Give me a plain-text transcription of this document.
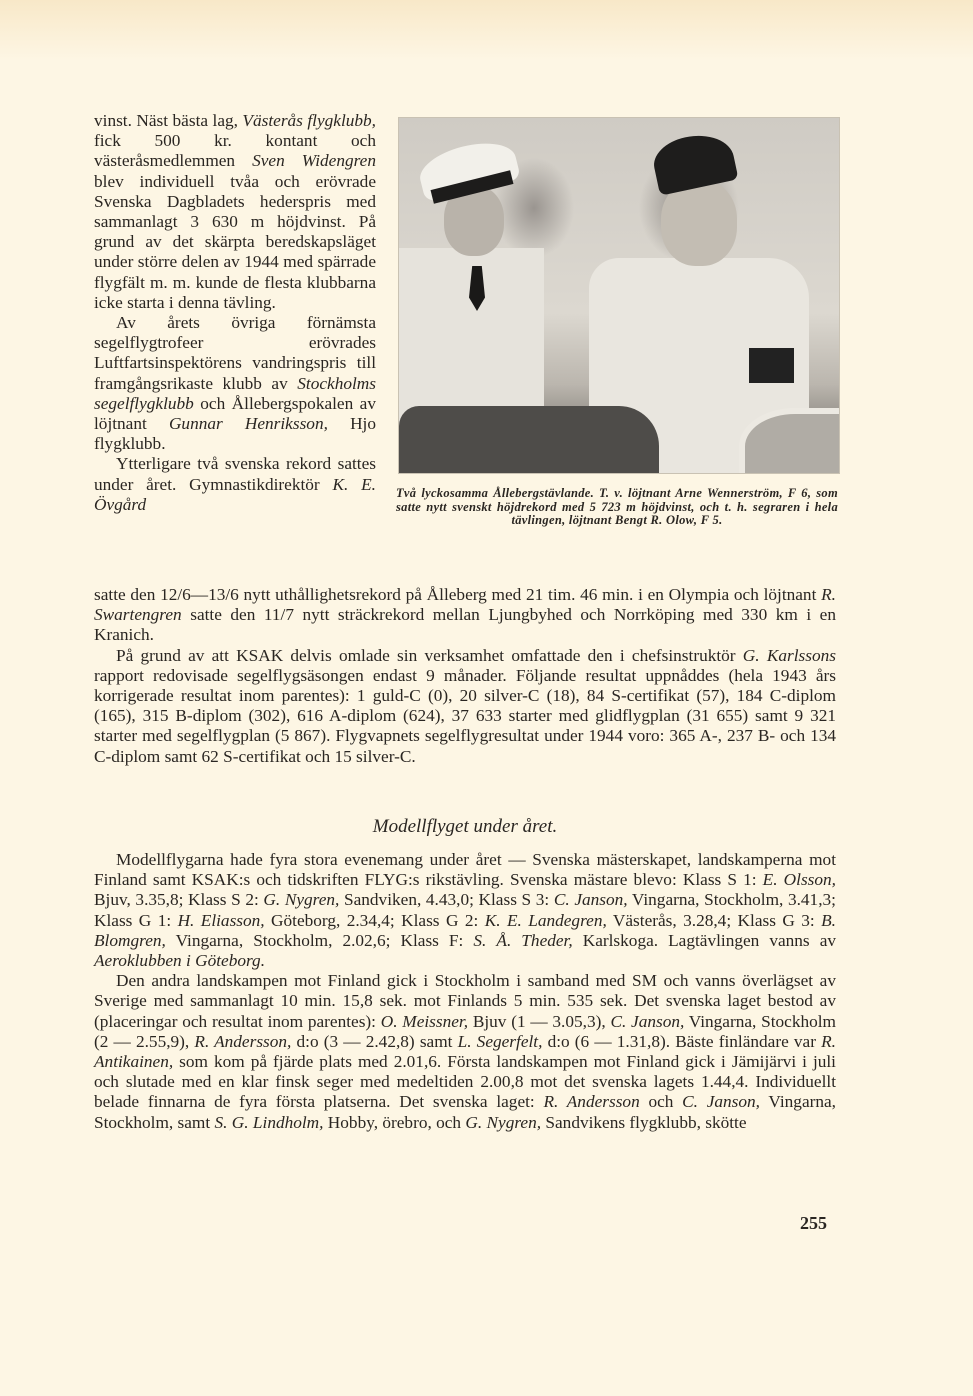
vinst. Näst bästa lag, Västerås flygklubb, fick 500 kr. kontant och västeråsmedlemmen Sven Widengren blev individuell tvåa och erövrade Svenska Dagbladets hederspris med sammanlagt 3 630 m höjdvinst. På grund av det skärpta beredskapsläget under större delen av 1944 med spärrade flygfält m. m. kunde de flesta klubbarna icke starta i denna tävling.

Av årets övriga förnämsta segelflygtrofeer erövrades Luftfartsinspektörens vandringspris till framgångsrikaste klubb av Stockholms segelflygklubb och Ållebergspokalen av löjtnant Gunnar Henriksson, Hjo flygklubb.

Ytterligare två svenska rekord sattes under året. Gymnastikdirektör K. E. Övgård

Två lyckosamma Ållebergstävlande. T. v. löjtnant Arne Wennerström, F 6, som satte nytt svenskt höjdrekord med 5 723 m höjdvinst, och t. h. segraren i hela tävlingen, löjtnant Bengt R. Olow, F 5.

satte den 12/6—13/6 nytt uthållighetsrekord på Ålleberg med 21 tim. 46 min. i en Olympia och löjtnant R. Swartengren satte den 11/7 nytt sträckrekord mellan Ljungbyhed och Norrköping med 330 km i en Kranich.

På grund av att KSAK delvis omlade sin verksamhet omfattade den i chefsinstruktör G. Karlssons rapport redovisade segelflygsäsongen endast 9 månader. Följande resultat uppnåddes (hela 1943 års korrigerade resultat inom parentes): 1 guld-C (0), 20 silver-C (18), 84 S-certifikat (57), 184 C-diplom (165), 315 B-diplom (302), 616 A-diplom (624), 37 633 starter med glidflygplan (31 655) samt 9 321 starter med segelflygplan (5 867). Flygvapnets segelflygresultat under 1944 voro: 365 A-, 237 B- och 134 C-diplom samt 62 S-certifikat och 15 silver-C.

Modellflyget under året.

Modellflygarna hade fyra stora evenemang under året — Svenska mästerskapet, landskamperna mot Finland samt KSAK:s och tidskriften FLYG:s rikstävling. Svenska mästare blevo: Klass S 1: E. Olsson, Bjuv, 3.35,8; Klass S 2: G. Nygren, Sandviken, 4.43,0; Klass S 3: C. Janson, Vingarna, Stockholm, 3.41,3; Klass G 1: H. Eliasson, Göteborg, 2.34,4; Klass G 2: K. E. Landegren, Västerås, 3.28,4; Klass G 3: B. Blomgren, Vingarna, Stockholm, 2.02,6; Klass F: S. Å. Theder, Karlskoga. Lagtävlingen vanns av Aeroklubben i Göteborg.

Den andra landskampen mot Finland gick i Stockholm i samband med SM och vanns överlägset av Sverige med sammanlagt 10 min. 15,8 sek. mot Finlands 5 min. 535 sek. Det svenska laget bestod av (placeringar och resultat inom parentes): O. Meissner, Bjuv (1 — 3.05,3), C. Janson, Vingarna, Stockholm (2 — 2.55,9), R. Andersson, d:o (3 — 2.42,8) samt L. Segerfelt, d:o (6 — 1.31,8). Bäste finländare var R. Antikainen, som kom på fjärde plats med 2.01,6. Första landskampen mot Finland gick i Jämijärvi i juli och slutade med en klar finsk seger med medeltiden 2.00,8 mot det svenska lagets 1.44,4. Individuellt belade finnarna de fyra första platserna. Det svenska laget: R. Andersson och C. Janson, Vingarna, Stockholm, samt S. G. Lindholm, Hobby, örebro, och G. Nygren, Sandvikens flygklubb, skötte

255
